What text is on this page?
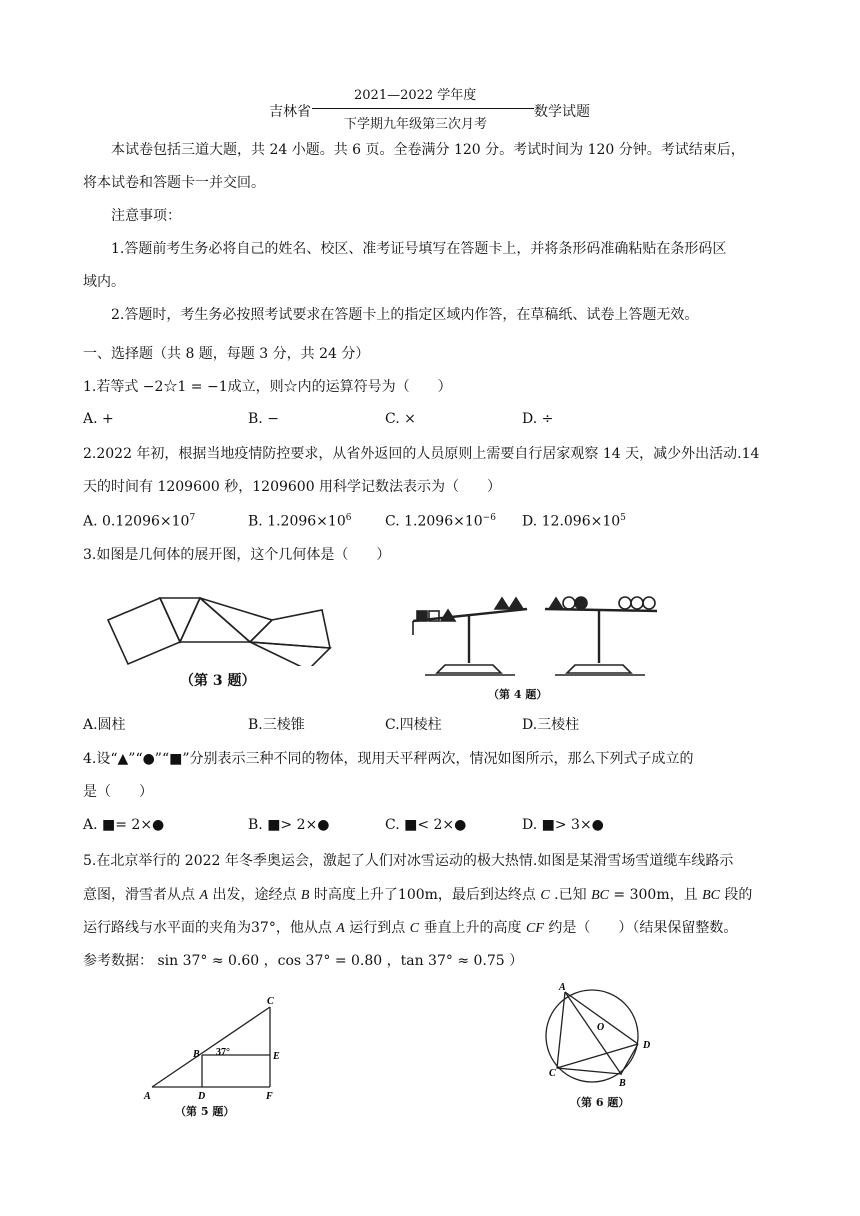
吉林省
2021—2022 学年度
下学期九年级第三次月考
数学试题
本试卷包括三道大题，共 24 小题。共 6 页。全卷满分 120 分。考试时间为 120 分钟。考试结束后，
将本试卷和答题卡一并交回。
注意事项：
1.答题前考生务必将自己的姓名、校区、准考证号填写在答题卡上，并将条形码准确粘贴在条形码区
域内。
2.答题时，考生务必按照考试要求在答题卡上的指定区域内作答，在草稿纸、试卷上答题无效。
一、选择题（共 8 题，每题 3 分，共 24 分）
1.若等式 −2☆1 = −1成立，则☆内的运算符号为（　　）
A. +	B. −	C. ×	D. ÷
2.2022 年初，根据当地疫情防控要求，从省外返回的人员原则上需要自行居家观察 14 天，减少外出活动.14
天的时间有 1209600 秒，1209600 用科学记数法表示为（　　）
A. $0.12096\times 10^7$	B. $1.2096\times 10^6$ C. $1.2096\times 10^{-6}$ D. $12.096\times 10^5$
3.如图是几何体的展开图，这个几何体是（　　）
（第 3 题）
（第 4 题）
A.圆柱	B.三棱锥	C.四棱柱	D.三棱柱
4.设“▲”“●”“■”分别表示三种不同的物体，现用天平秤两次，情况如图所示，那么下列式子成立的
是（　　）
A. ■= 2×●	B. ■> 2×●	C. ■< 2×●	D. ■> 3×●
5.在北京举行的 2022 年冬季奥运会，激起了人们对冰雪运动的极大热情.如图是某滑雪场雪道缆车线路示
意图，滑雪者从点 A 出发，途经点 B 时高度上升了100m，最后到达终点 C .已知 BC = 300m，且 BC 段的
运行路线与水平面的夹角为37°，他从点 A 运行到点 C 垂直上升的高度 CF 约是（　　）（结果保留整数。
参考数据： sin 37° ≈ 0.60 ，cos 37° = 0.80 ，tan 37° ≈ 0.75 ）
C
B 37°	E
A	D	F
（第 5 题）
A
O
D
C
B
（第 6 题）
